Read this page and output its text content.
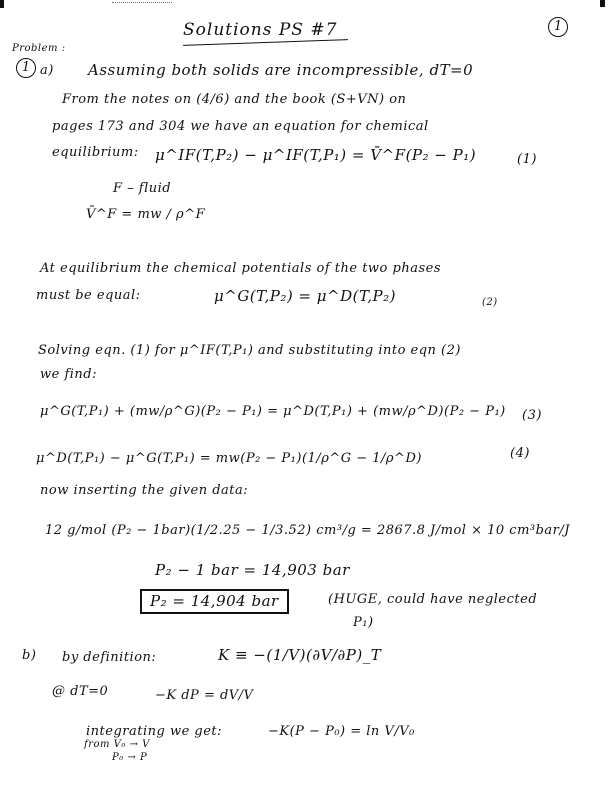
Solutions PS #7	1
Problem :
1 a) Assuming both solids are incompressible, dT=0
From the notes on (4/6) and the book (S+VN) on
pages 173 and 304 we have an equation for chemical
equilibrium: μ^IF(T,P₂) − μ^IF(T,P₁) = V̄^F(P₂ − P₁)	(1)
F – fluid
V̄^F = mw / ρ^F
At equilibrium the chemical potentials of the two phases
must be equal:	μ^G(T,P₂) = μ^D(T,P₂)	(2)
Solving eqn. (1) for μ^IF(T,P₁) and substituting into eqn (2)
we find:
μ^G(T,P₁) + (mw/ρ^G)(P₂ − P₁) = μ^D(T,P₁) + (mw/ρ^D)(P₂ − P₁) (3)
μ^D(T,P₁) − μ^G(T,P₁) = mw(P₂ − P₁)(1/ρ^G − 1/ρ^D)	(4)
now inserting the given data:
12 g/mol (P₂ − 1bar)(1/2.25 − 1/3.52) cm³/g = 2867.8 J/mol × 10 cm³bar/J
P₂ − 1 bar = 14,903 bar
P₂ = 14,904 bar	(HUGE, could have neglected
P₁)
b) by definition:	K ≡ −(1/V)(∂V/∂P)_T
@ dT=0	−K dP = dV/V
integrating we get:	−K(P − P₀) = ln V/V₀
from V₀ → V
P₀ → P
